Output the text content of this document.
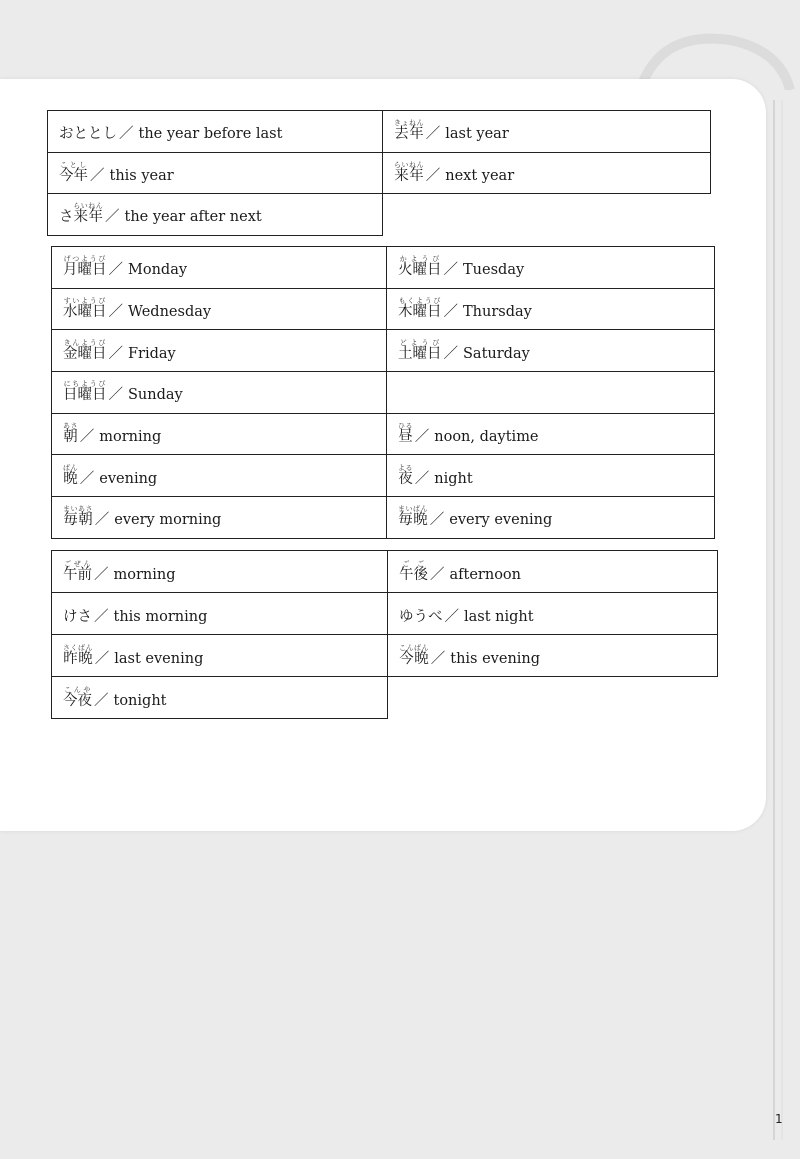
おととし ／ the year before last	去年きょねん／ last year
今年ことし／ this year	来年らいねん／ next year
さ来年らいねん／ the year after next	
月曜日げつようび／ Monday	火曜日かようび／ Tuesday
水曜日すいようび／ Wednesday	木曜日もくようび／ Thursday
金曜日きんようび／ Friday	土曜日どようび／ Saturday
日曜日にちようび／ Sunday	
朝あさ／ morning	昼ひる／ noon, daytime
晩ばん／ evening	夜よる／ night
毎朝まいあさ／ every morning	毎晩まいばん／ every evening
午前ごぜん／ morning	午後ごご／ afternoon
けさ ／ this morning	ゆうべ ／ last night
昨晩さくばん／ last evening	今晩こんばん／ this evening
今夜こんや／ tonight	
1
